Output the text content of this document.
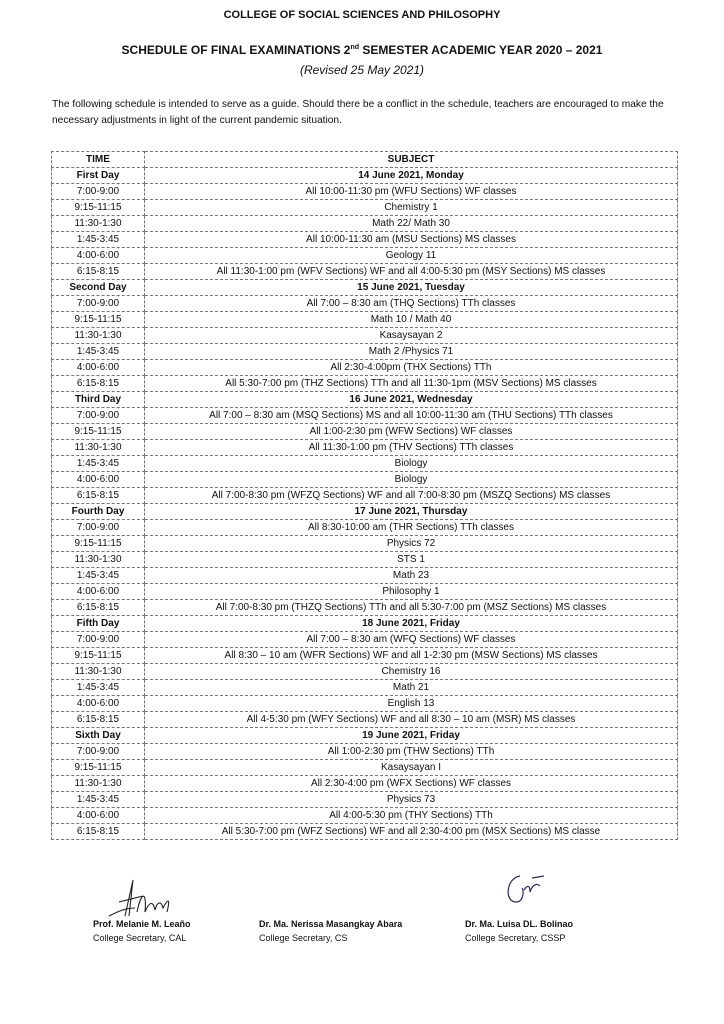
COLLEGE OF SOCIAL SCIENCES AND PHILOSOPHY
SCHEDULE OF FINAL EXAMINATIONS 2nd SEMESTER ACADEMIC YEAR 2020 – 2021
(Revised 25 May 2021)
The following schedule is intended to serve as a guide. Should there be a conflict in the schedule, teachers are encouraged to make the necessary adjustments in light of the current pandemic situation.
TIME	SUBJECT
First Day	14 June 2021, Monday
7:00-9:00	All 10:00-11:30 pm (WFU Sections) WF classes
9:15-11:15	Chemistry 1
11:30-1:30	Math 22/ Math 30
1:45-3:45	All 10:00-11:30 am (MSU Sections) MS classes
4:00-6:00	Geology 11
6:15-8:15	All 11:30-1:00 pm (WFV Sections) WF and all 4:00-5:30 pm (MSY Sections) MS classes
Second Day	15 June 2021, Tuesday
7:00-9:00	All 7:00 – 8:30 am (THQ Sections) TTh classes
9:15-11:15	Math 10 / Math 40
11:30-1:30	Kasaysayan 2
1:45-3:45	Math 2 /Physics 71
4:00-6:00	All 2:30-4:00pm (THX Sections) TTh
6:15-8:15	All 5:30-7:00 pm (THZ Sections) TTh and all 11:30-1pm (MSV Sections) MS classes
Third Day	16 June 2021, Wednesday
7:00-9:00	All 7:00 – 8:30 am (MSQ Sections) MS and all 10:00-11:30 am (THU Sections) TTh classes
9:15-11:15	All 1:00-2:30 pm (WFW Sections) WF classes
11:30-1:30	All 11:30-1:00 pm (THV Sections) TTh classes
1:45-3:45	Biology
4:00-6:00	Biology
6:15-8:15	All 7:00-8:30 pm (WFZQ Sections) WF and all 7:00-8:30 pm (MSZQ Sections) MS classes
Fourth Day	17 June 2021, Thursday
7:00-9:00	All 8:30-10:00 am (THR Sections) TTh classes
9:15-11:15	Physics 72
11:30-1:30	STS 1
1:45-3:45	Math 23
4:00-6:00	Philosophy 1
6:15-8:15	All 7:00-8:30 pm (THZQ Sections) TTh and all 5:30-7:00 pm (MSZ Sections) MS classes
Fifth Day	18 June 2021, Friday
7:00-9:00	All 7:00 – 8:30 am (WFQ Sections) WF classes
9:15-11:15	All 8:30 – 10 am (WFR Sections) WF and all 1-2:30 pm (MSW Sections) MS classes
11:30-1:30	Chemistry 16
1:45-3:45	Math 21
4:00-6:00	English 13
6:15-8:15	All 4-5:30 pm (WFY Sections) WF and all 8:30 – 10 am (MSR) MS classes
Sixth Day	19 June 2021, Friday
7:00-9:00	All 1:00-2:30 pm (THW Sections) TTh
9:15-11:15	Kasaysayan I
11:30-1:30	All 2:30-4:00 pm (WFX Sections) WF classes
1:45-3:45	Physics 73
4:00-6:00	All 4:00-5:30 pm (THY Sections) TTh
6:15-8:15	All 5:30-7:00 pm (WFZ Sections) WF and all 2:30-4:00 pm (MSX Sections) MS classe
Prof. Melanie M. Leaño
College Secretary, CAL
Dr. Ma. Nerissa Masangkay Abara
College Secretary, CS
Dr. Ma. Luisa DL. Bolinao
College Secretary, CSSP
